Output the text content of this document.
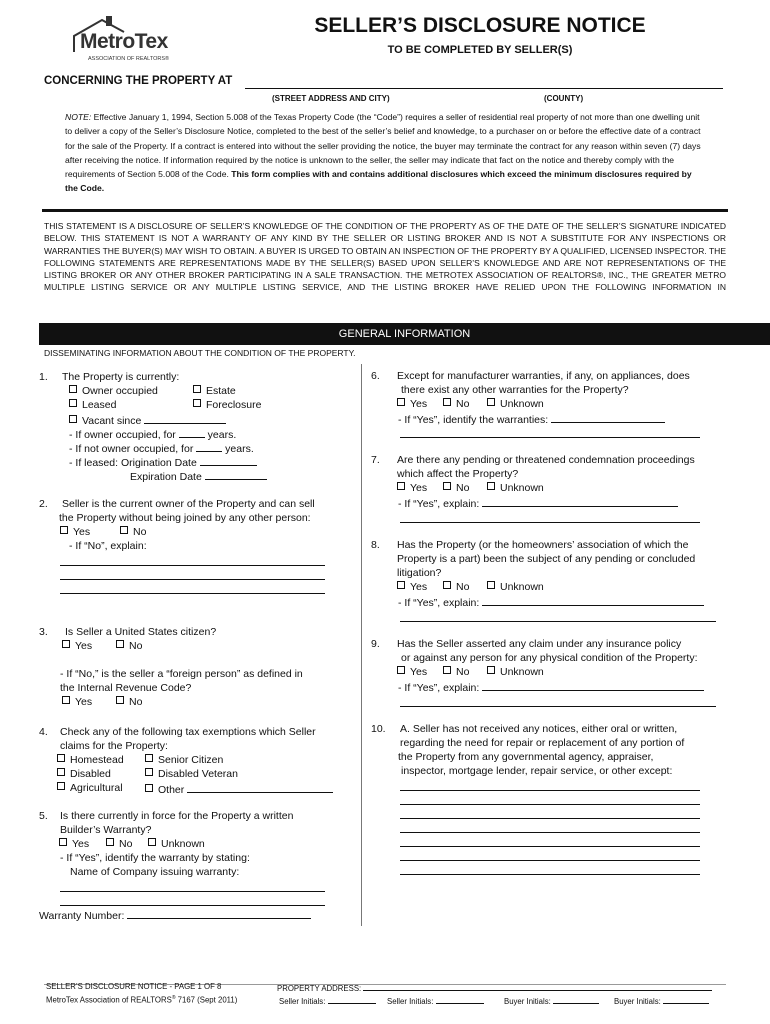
MetroTex
ASSOCIATION OF REALTORS®
SELLER’S DISCLOSURE NOTICE
TO BE COMPLETED BY SELLER(S)
CONCERNING THE PROPERTY AT
(STREET ADDRESS AND CITY)	(COUNTY)
NOTE: Effective January 1, 1994, Section 5.008 of the Texas Property Code (the “Code”) requires a seller of residential real property of not more than one dwelling unit to deliver a copy of the Seller’s Disclosure Notice, completed to the best of the seller’s belief and knowledge, to a purchaser on or before the effective date of a contract for the sale of the Property. If a contract is entered into without the seller providing the notice, the buyer may terminate the contract for any reason within seven (7) days after receiving the notice. If information required by the notice is unknown to the seller, the seller may indicate that fact on the notice and thereby comply with the requirements of Section 5.008 of the Code. This form complies with and contains additional disclosures which exceed the minimum disclosures required by the Code.
THIS STATEMENT IS A DISCLOSURE OF SELLER’S KNOWLEDGE OF THE CONDITION OF THE PROPERTY AS OF THE DATE OF THE SELLER’S SIGNATURE INDICATED BELOW. THIS STATEMENT IS NOT A WARRANTY OF ANY KIND BY THE SELLER OR LISTING BROKER AND IS NOT A SUBSTITUTE FOR ANY INSPECTIONS OR WARRANTIES THE BUYER(S) MAY WISH TO OBTAIN. A BUYER IS URGED TO OBTAIN AN INSPECTION OF THE PROPERTY BY A QUALIFIED, LICENSED INSPECTOR. THE FOLLOWING STATEMENTS ARE REPRESENTATIONS MADE BY THE SELLER(S) BASED UPON SELLER’S KNOWLEDGE AND ARE NOT REPRESENTATIONS OF THE LISTING BROKER OR ANY OTHER BROKER PARTICIPATING IN A SALE TRANSACTION. THE METROTEX ASSOCIATION OF REALTORS®, INC., THE GREATER METRO MULTIPLE LISTING SERVICE OR ANY MULTIPLE LISTING SERVICE, AND THE LISTING BROKER HAVE RELIED UPON THE FOLLOWING INFORMATION IN
GENERAL INFORMATION
DISSEMINATING INFORMATION ABOUT THE CONDITION OF THE PROPERTY.
1. The Property is currently:
Owner occupied	Estate
Leased	Foreclosure
Vacant since
- If owner occupied, for	years.
- If not owner occupied, for	years.
- If leased: Origination Date
Expiration Date
2. Seller is the current owner of the Property and can sell
the Property without being joined by any other person:
Yes	No
- If “No”, explain:
3. Is Seller a United States citizen?
Yes	No
- If “No,” is the seller a “foreign person” as defined in
the Internal Revenue Code?
Yes	No
4. Check any of the following tax exemptions which Seller
claims for the Property:
Homestead	Senior Citizen
Disabled	Disabled Veteran
Agricultural	Other
5. Is there currently in force for the Property a written
Builder’s Warranty?
Yes	No	Unknown
- If “Yes”, identify the warranty by stating:
Name of Company issuing warranty:
Warranty Number:
6. Except for manufacturer warranties, if any, on appliances, does
there exist any other warranties for the Property?
Yes	No	Unknown
- If “Yes”, identify the warranties:
7. Are there any pending or threatened condemnation proceedings
which affect the Property?
Yes	No	Unknown
- If “Yes”, explain:
8. Has the Property (or the homeowners’ association of which the
Property is a part) been the subject of any pending or concluded
litigation?
Yes	No	Unknown
- If “Yes”, explain:
9. Has the Seller asserted any claim under any insurance policy
or against any person for any physical condition of the Property:
Yes	No	Unknown
- If “Yes”, explain:
10. A. Seller has not received any notices, either oral or written,
regarding the need for repair or replacement of any portion of
the Property from any governmental agency, appraiser,
inspector, mortgage lender, repair service, or other except:
SELLER’S DISCLOSURE NOTICE - PAGE 1 OF 8	PROPERTY ADDRESS:
MetroTex Association of REALTORS® 7167 (Sept 2011)	Seller Initials:	Seller Initials:	Buyer Initials:	Buyer Initials:
